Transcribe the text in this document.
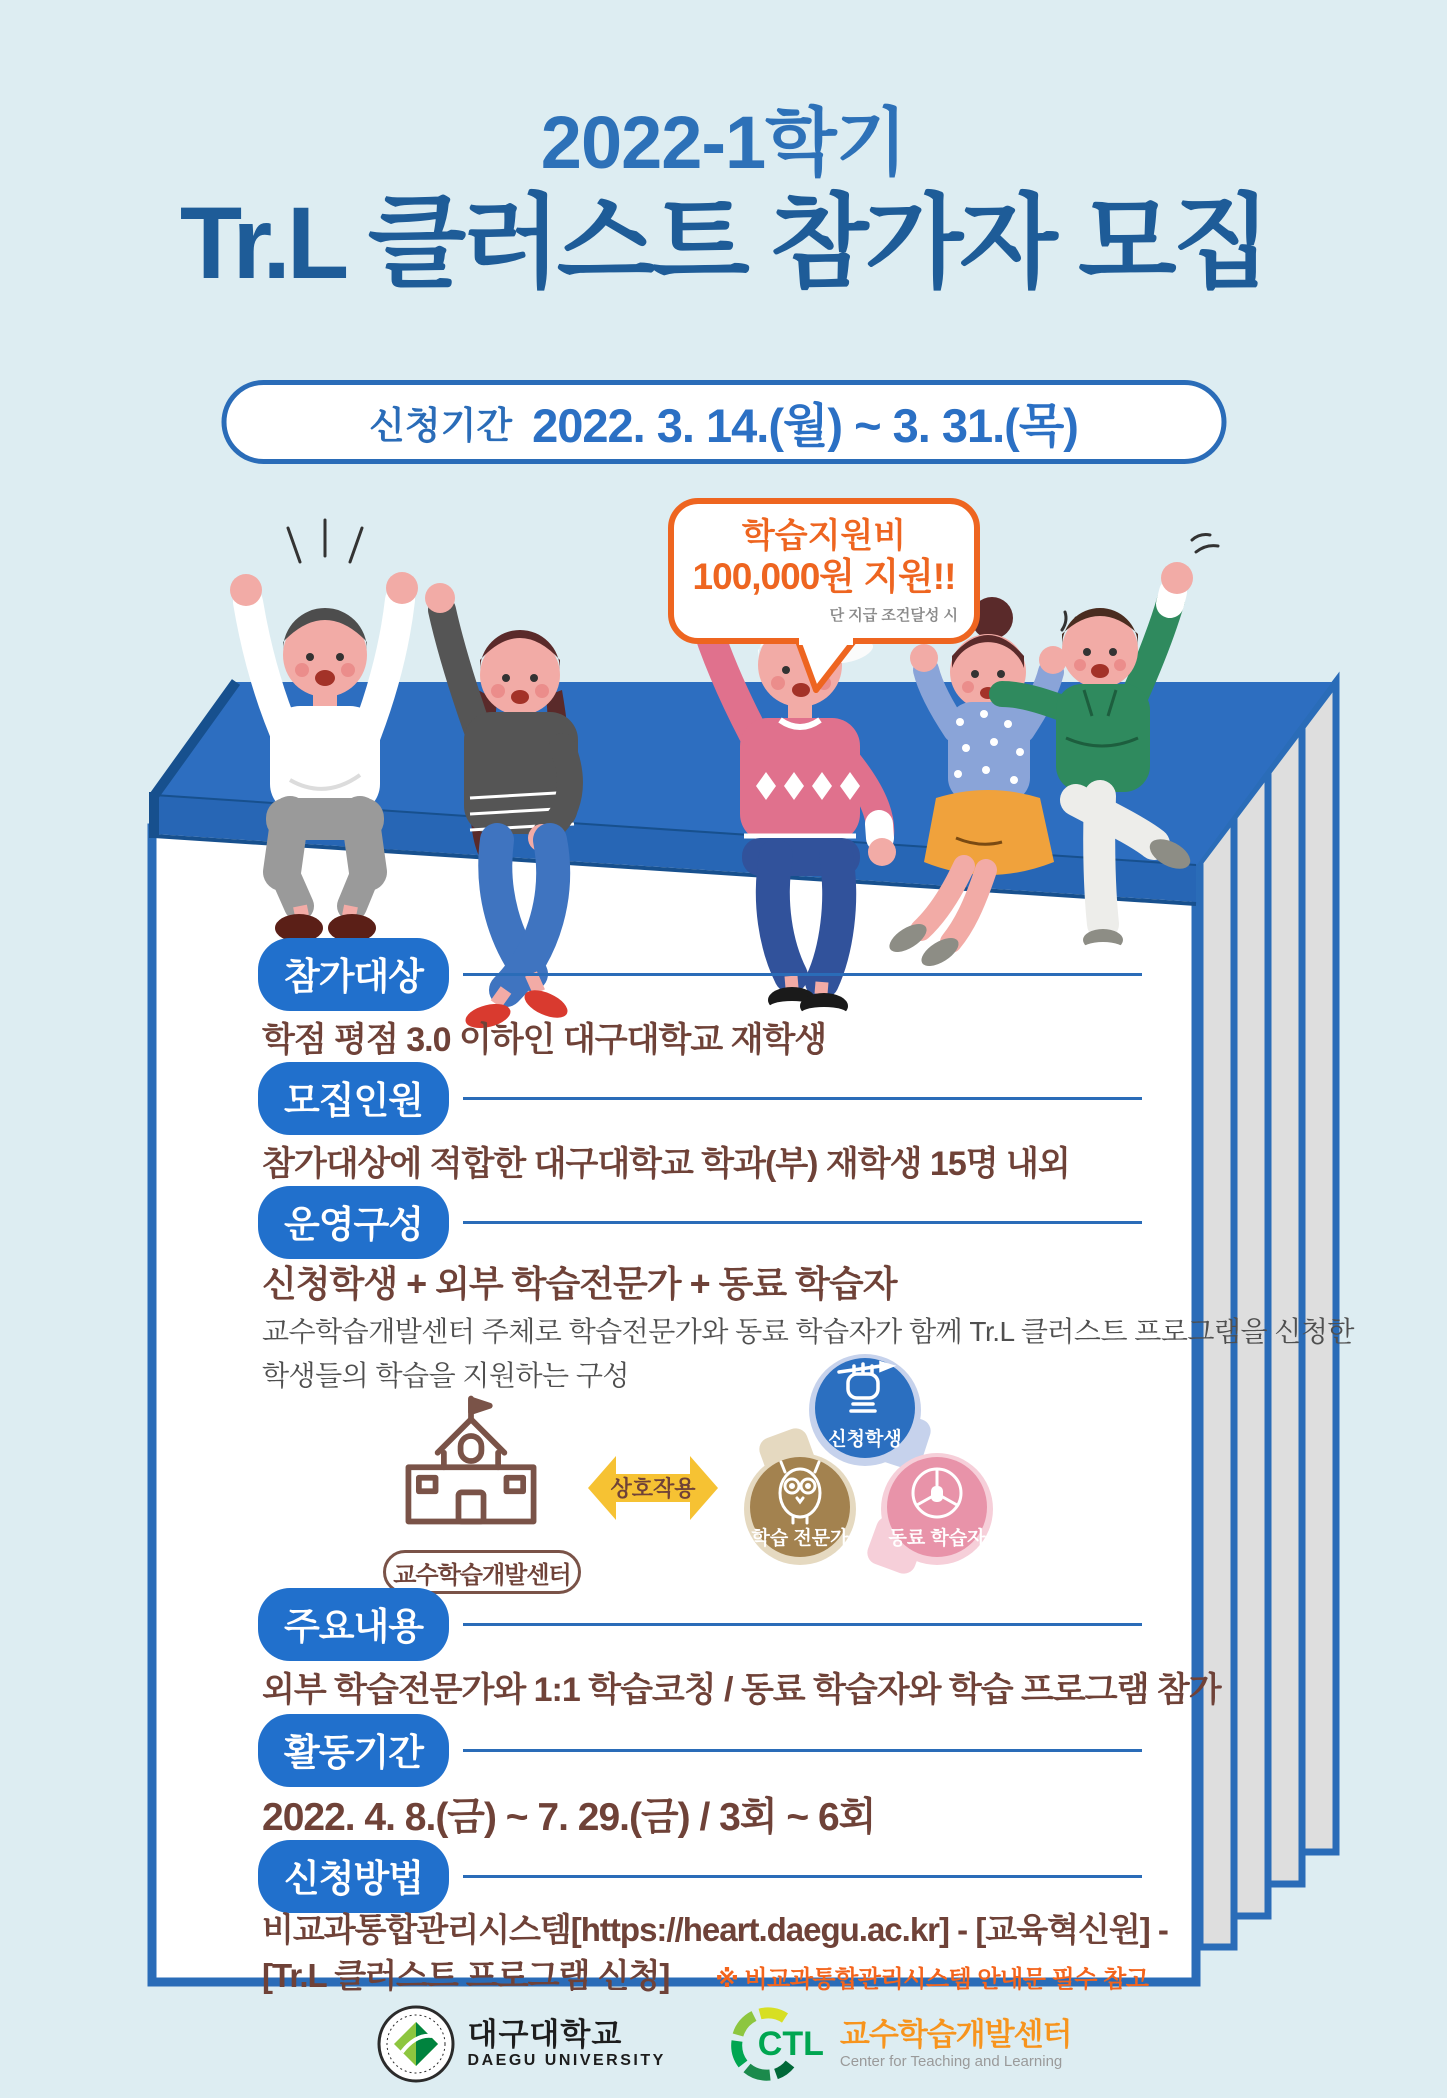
2022-1학기
Tr.L 클러스트 참가자 모집
신청기간 2022. 3. 14.(월) ~ 3. 31.(목)
학습지원비
100,000원 지원!!
단 지급 조건달성 시
참가대상
학점 평점 3.0 이하인 대구대학교 재학생
모집인원
참가대상에 적합한 대구대학교 학과(부) 재학생 15명 내외
운영구성
신청학생 + 외부 학습전문가 + 동료 학습자
교수학습개발센터 주체로 학습전문가와 동료 학습자가 함께 Tr.L 클러스트 프로그램을 신청한
학생들의 학습을 지원하는 구성
교수학습개발센터
상호작용
신청학생
학습 전문가 동료 학습자
주요내용
외부 학습전문가와 1:1 학습코칭 / 동료 학습자와 학습 프로그램 참가
활동기간
2022. 4. 8.(금) ~ 7. 29.(금) / 3회 ~ 6회
신청방법
비교과통합관리시스템[https://heart.daegu.ac.kr] - [교육혁신원] -
[Tr.L 클러스트 프로그램 신청] ※ 비교과통합관리시스템 안내문 필수 참고
대구대학교
DAEGU UNIVERSITY	CTL 교수학습개발센터
Center for Teaching and Learning
